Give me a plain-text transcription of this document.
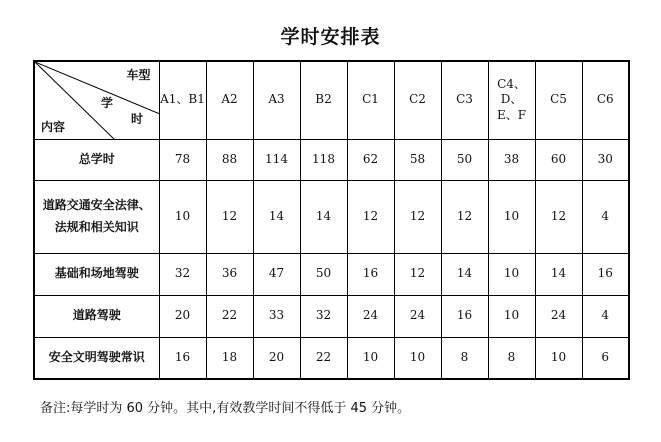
学时安排表
车型
学
时
内容	A1、B1	A2	A3	B2	C1	C2	C3	C4、D、E、F	C5	C6
总学时	78	88	114	118	62	58	50	38	60	30
道路交通安全法律、法规和相关知识	10	12	14	14	12	12	12	10	12	4
基础和场地驾驶	32	36	47	50	16	12	14	10	14	16
道路驾驶	20	22	33	32	24	24	16	10	24	4
安全文明驾驶常识	16	18	20	22	10	10	8	8	10	6
备注:每学时为 60 分钟。其中,有效教学时间不得低于 45 分钟。
